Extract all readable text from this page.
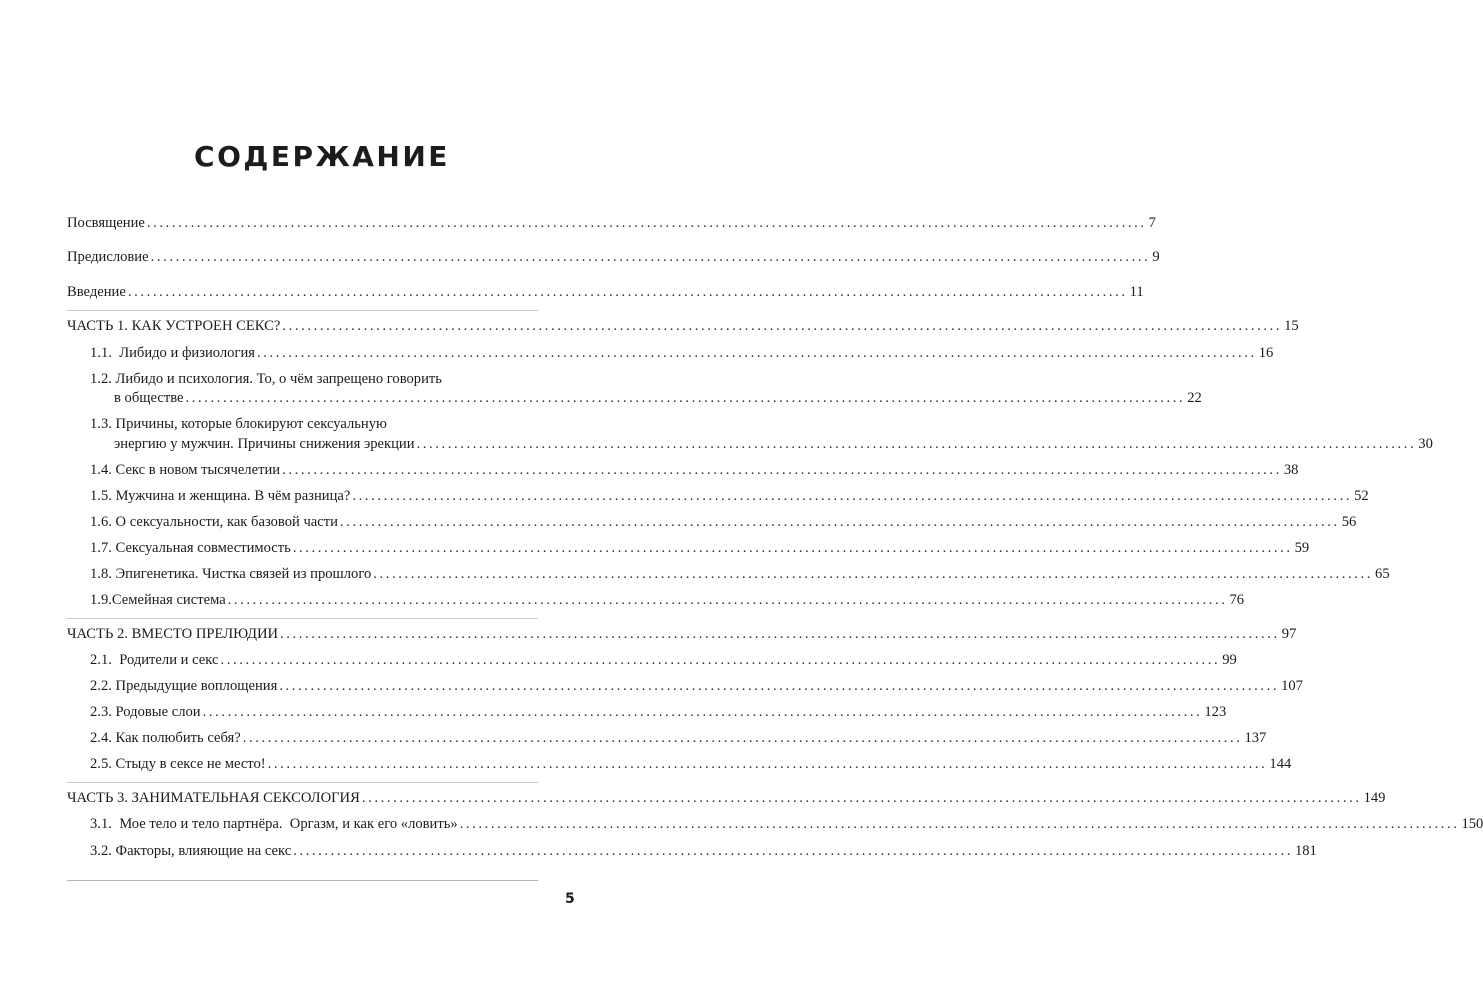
СОДЕРЖАНИЕ
Посвящение ................................................................................................................................................................ 7
Предисловие ................................................................................................................................................................ 9
Введение ................................................................................................................................................................ 11
ЧАСТЬ 1. КАК УСТРОЕН СЕКС? ................................................................................................................................................................ 15
1.1.  Либидо и физиология ................................................................................................................................................................ 16
1.2. Либидо и психология. То, о чём запрещено говорить
в обществе ................................................................................................................................................................ 22
1.3. Причины, которые блокируют сексуальную
энергию у мужчин. Причины снижения эрекции ................................................................................................................................................................ 30
1.4. Секс в новом тысячелетии ................................................................................................................................................................ 38
1.5. Мужчина и женщина. В чём разница? ................................................................................................................................................................ 52
1.6. О сексуальности, как базовой части ................................................................................................................................................................ 56
1.7. Сексуальная совместимость ................................................................................................................................................................ 59
1.8. Эпигенетика. Чистка связей из прошлого ................................................................................................................................................................ 65
1.9.Семейная система ................................................................................................................................................................ 76
ЧАСТЬ 2. ВМЕСТО ПРЕЛЮДИИ ................................................................................................................................................................ 97
2.1.  Родители и секс ................................................................................................................................................................ 99
2.2. Предыдущие воплощения ................................................................................................................................................................ 107
2.3. Родовые слои ................................................................................................................................................................ 123
2.4. Как полюбить себя? ................................................................................................................................................................ 137
2.5. Стыду в сексе не место! ................................................................................................................................................................ 144
ЧАСТЬ 3. ЗАНИМАТЕЛЬНАЯ СЕКСОЛОГИЯ ................................................................................................................................................................ 149
3.1.  Мое тело и тело партнёра.  Оргазм, и как его «ловить» ................................................................................................................................................................ 150
3.2. Факторы, влияющие на секс ................................................................................................................................................................ 181
5
